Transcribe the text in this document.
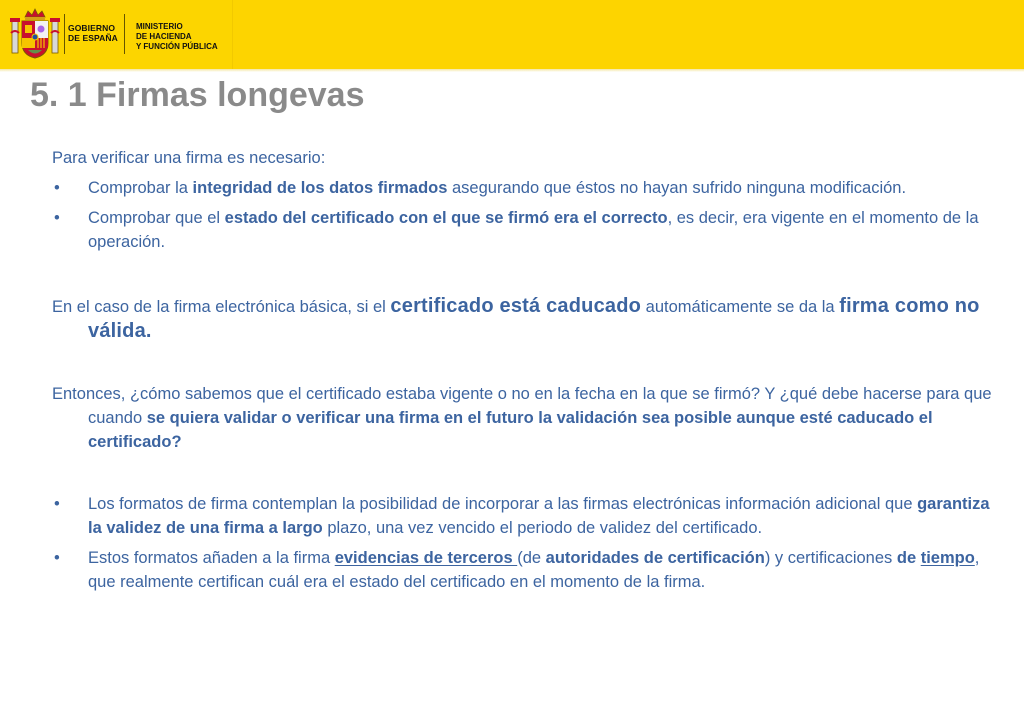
GOBIERNO
DE ESPAÑA
MINISTERIO
DE HACIENDA
Y FUNCIÓN PÚBLICA
5. 1 Firmas longevas

Para verificar una firma es necesario:

• Comprobar la integridad de los datos firmados asegurando que éstos no hayan sufrido ninguna modificación.
• Comprobar que el estado del certificado con el que se firmó era el correcto, es decir, era vigente en el momento de la operación.

En el caso de la firma electrónica básica, si el certificado está caducado automáticamente se da la firma como no válida.

Entonces, ¿cómo sabemos que el certificado estaba vigente o no en la fecha en la que se firmó? Y ¿qué debe hacerse para que cuando se quiera validar o verificar una firma en el futuro la validación sea posible aunque esté caducado el certificado?

• Los formatos de firma contemplan la posibilidad de incorporar a las firmas electrónicas información adicional que garantiza la validez de una firma a largo plazo, una vez vencido el periodo de validez del certificado.
• Estos formatos añaden a la firma evidencias de terceros (de autoridades de certificación) y certificaciones de tiempo, que realmente certifican cuál era el estado del certificado en el momento de la firma.
